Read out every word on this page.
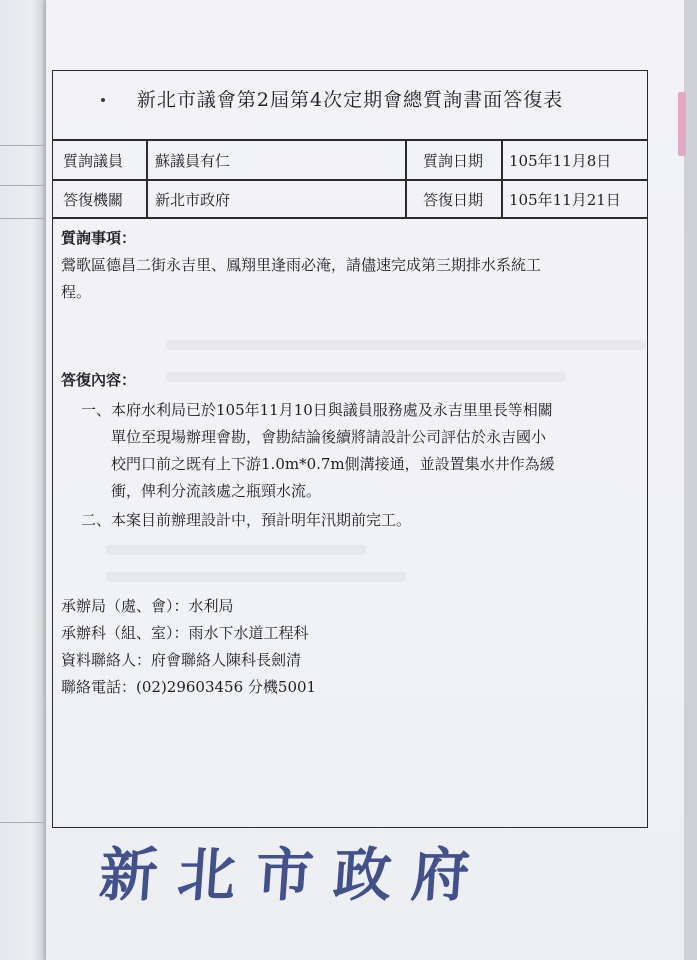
新北市議會第2屆第4次定期會總質詢書面答復表
質詢議員 蘇議員有仁	質詢日期 105年11月8日
答復機關 新北市政府	答復日期 105年11月21日
質詢事項：
鶯歌區德昌二街永吉里、鳳翔里逢雨必淹，請儘速完成第三期排水系統工
程。
答復內容：
一、 本府水利局已於105年11月10日與議員服務處及永吉里里長等相關
單位至現場辦理會勘，會勘結論後續將請設計公司評估於永吉國小
校門口前之既有上下游1.0m*0.7m側溝接通，並設置集水井作為緩
衝，俾利分流該處之瓶頸水流。
二、 本案目前辦理設計中，預計明年汛期前完工。
承辦局（處、會）：水利局
承辦科（組、室）：雨水下水道工程科
資料聯絡人：府會聯絡人陳科長劍清
聯絡電話：(02)29603456 分機5001
新北市政府
